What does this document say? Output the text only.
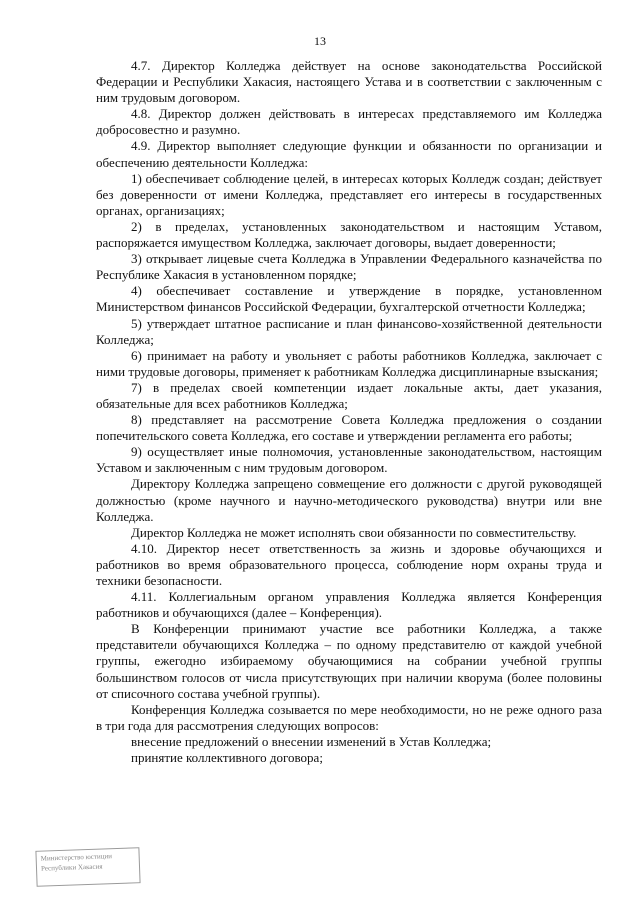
13

4.7. Директор Колледжа действует на основе законодательства Российской Федерации и Республики Хакасия, настоящего Устава и в соответствии с заключенным с ним трудовым договором.

4.8. Директор должен действовать в интересах представляемого им Колледжа добросовестно и разумно.

4.9. Директор выполняет следующие функции и обязанности по организации и обеспечению деятельности Колледжа:

1) обеспечивает соблюдение целей, в интересах которых Колледж создан; действует без доверенности от имени Колледжа, представляет его интересы в государственных органах, организациях;

2) в пределах, установленных законодательством и настоящим Уставом, распоряжается имуществом Колледжа, заключает договоры, выдает доверенности;

3) открывает лицевые счета Колледжа в Управлении Федерального казначейства по Республике Хакасия в установленном порядке;

4) обеспечивает составление и утверждение в порядке, установленном Министерством финансов Российской Федерации, бухгалтерской отчетности Колледжа;

5) утверждает штатное расписание и план финансово-хозяйственной деятельности Колледжа;

6) принимает на работу и увольняет с работы работников Колледжа, заключает с ними трудовые договоры, применяет к работникам Колледжа дисциплинарные взыскания;

7) в пределах своей компетенции издает локальные акты, дает указания, обязательные для всех работников Колледжа;

8) представляет на рассмотрение Совета Колледжа предложения о создании попечительского совета Колледжа, его составе и утверждении регламента его работы;

9) осуществляет иные полномочия, установленные законодательством, настоящим Уставом и заключенным с ним трудовым договором.

Директору Колледжа запрещено совмещение его должности с другой руководящей должностью (кроме научного и научно-методического руководства) внутри или вне Колледжа.

Директор Колледжа не может исполнять свои обязанности по совместительству.

4.10. Директор несет ответственность за жизнь и здоровье обучающихся и работников во время образовательного процесса, соблюдение норм охраны труда и техники безопасности.

4.11. Коллегиальным органом управления Колледжа является Конференция работников и обучающихся (далее – Конференция).

В Конференции принимают участие все работники Колледжа, а также представители обучающихся Колледжа – по одному представителю от каждой учебной группы, ежегодно избираемому обучающимися на собрании учебной группы большинством голосов от числа присутствующих при наличии кворума (более половины от списочного состава учебной группы).

Конференция Колледжа созывается по мере необходимости, но не реже одного раза в три года для рассмотрения следующих вопросов:

внесение предложений о внесении изменений в Устав Колледжа;

принятие коллективного договора;

Министерство юстиции
Республики Хакасия
